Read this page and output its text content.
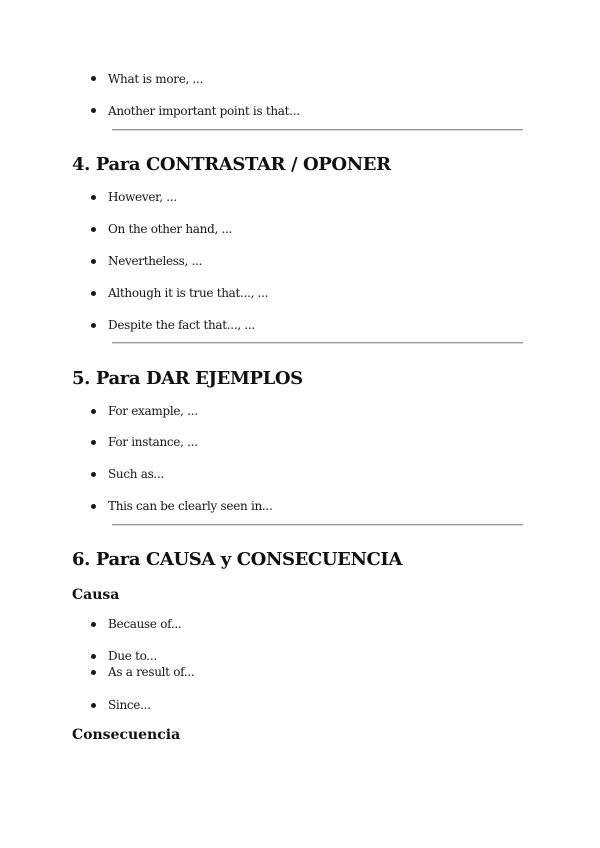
What is more, ...
Another important point is that...
4. Para CONTRASTAR / OPONER
However, ...
On the other hand, ...
Nevertheless, ...
Although it is true that..., ...
Despite the fact that..., ...
5. Para DAR EJEMPLOS
For example, ...
For instance, ...
Such as...
This can be clearly seen in...
6. Para CAUSA y CONSECUENCIA
Causa
Because of...
Due to...
As a result of...
Since...
Consecuencia
